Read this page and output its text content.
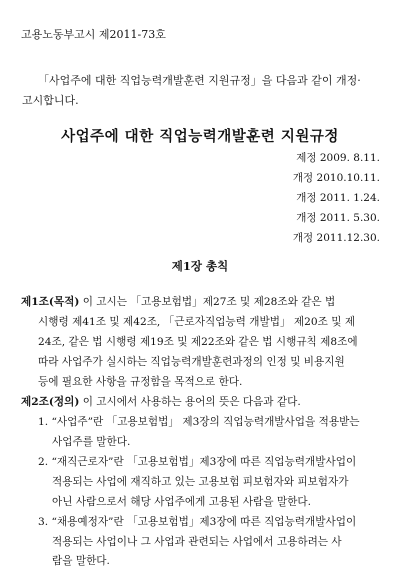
고용노동부고시 제2011-73호
「사업주에 대한 직업능력개발훈련 지원규정」을 다음과 같이 개정·
고시합니다.
사업주에 대한 직업능력개발훈련 지원규정
제정 2009. 8.11.
개정 2010.10.11.
개정 2011. 1.24.
개정 2011. 5.30.
개정 2011.12.30.
제1장 총칙
제1조(목적) 이 고시는 「고용보험법」제27조 및 제28조와 같은 법
시행령 제41조 및 제42조, 「근로자직업능력 개발법」 제20조 및 제
24조, 같은 법 시행령 제19조 및 제22조와 같은 법 시행규칙 제8조에
따라 사업주가 실시하는 직업능력개발훈련과정의 인정 및 비용지원
등에 필요한 사항을 규정함을 목적으로 한다.
제2조(정의) 이 고시에서 사용하는 용어의 뜻은 다음과 같다.
1. “사업주”란 「고용보험법」 제3장의 직업능력개발사업을 적용받는
사업주를 말한다.
2. “재직근로자”란 「고용보험법」제3장에 따른 직업능력개발사업이
적용되는 사업에 재직하고 있는 고용보험 피보험자와 피보험자가
아닌 사람으로서 해당 사업주에게 고용된 사람을 말한다.
3. “채용예정자”란 「고용보험법」제3장에 따른 직업능력개발사업이
적용되는 사업이나 그 사업과 관련되는 사업에서 고용하려는 사
람을 말한다.
